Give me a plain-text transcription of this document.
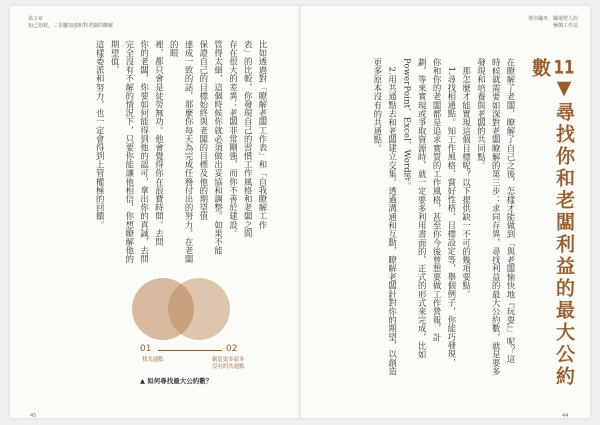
第２章
知己知彼，三步驟加強和對老闆的瞭解
尊佳職率，職場聖人的
極簡工作法
11▼尋找你和老闆利益的最大公約數

在瞭解了老闆，瞭解了自己之後，怎樣才能做到「與老闆愉快地『玩耍』」呢？這

時候就需要如深對老闆瞭解的第三步：求同存異，尋找利益的最大公約數，就是要多

發現和培養與老闆的共同點。

　那怎麼才能實現這個目標呢？以下提供缺一不可的幾項要點。

　1.尋找相通點。知工作風格、賞好性格、目標設定等，舉個例子，你能巧發現，

你和你的老闆都是追求實質的工作風格，甚至你今後曾想要做工作營報，計

劃，等來實現或爭取資源時，就一定要多利用書面的、正式的形式來完成，比如

PowerPoint、Excel、Word等。

　2.用共通點去和老闆建立交集。透過溝通和互動，瞭解老闆針對你的期望，以創造

更多原本沒有的共通點。

比如透過對「瞭解老闆工作表」和「自我瞭解工作

表」的比較，你發現自己的習慣工作風格和老闆之間

存在很大的差異：老闆非常剛強，而你不善於建設。

管得太細，這個時候你就必須做出妥協和調整。如果不能

保證自己的目標始終與老闆的目標及他的期望值

達成一致的話，那麼你每天為完成任務付出的努力，在老闆的眼

裡，都只會是徒勞無功。他會覺得你在浪費時間。去問

你的老闆，你要如何能得到他的認可，拿出你的真誠，去問

完全沒有不解的情況下，只要你能讓他相信，你想瞭解他的期望值，

這樣委派和努力，也一定會得到上管權極的回饋。

01	02
找共通點	創造更多原本
沒有的共通點
▲ 如何尋找最大公約數？
45	44
